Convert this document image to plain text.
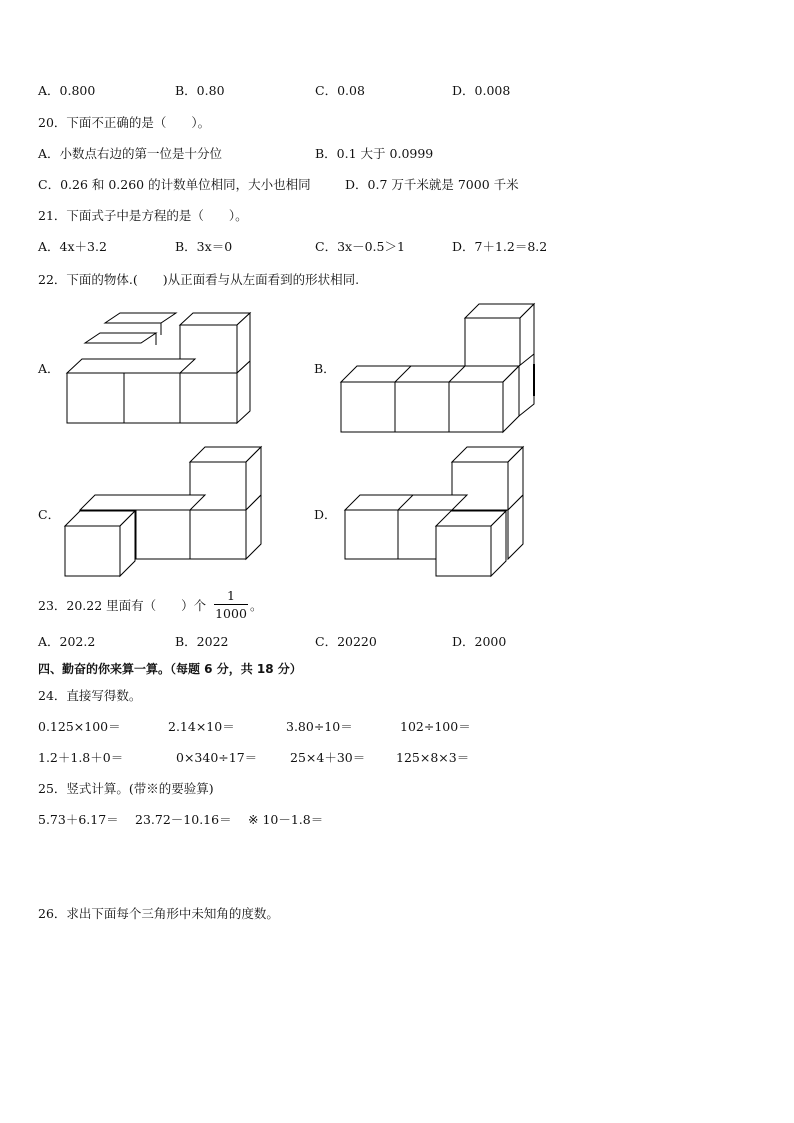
A．0.800	B．0.80	C．0.08	D．0.008
20．下面不正确的是（　　）。
A．小数点右边的第一位是十分位	B．0.1 大于 0.0999
C．0.26 和 0.260 的计数单位相同，大小也相同	D．0.7 万千米就是 7000 千米
21．下面式子中是方程的是（　　）。
A．4x＋3.2	B．3x＝0	C．3x－0.5＞1	D．7＋1.2＝8.2
22．下面的物体.(　　)从正面看与从左面看到的形状相同.
A．	B．
C．	D．
23．20.22 里面有（　　）个
1
1000
。
A．202.2	B．2022	C．20220	D．2000
四、勤奋的你来算一算。（每题 6 分，共 18 分）
24．直接写得数。
0.125×100＝	2.14×10＝	3.80÷10＝	102÷100＝
1.2＋1.8＋0＝	0×340÷17＝	25×4＋30＝ 125×8×3＝
25．竖式计算。(带※的要验算)
5.73＋6.17＝ 23.72－10.16＝ ※ 10－1.8＝
26．求出下面每个三角形中未知角的度数。
